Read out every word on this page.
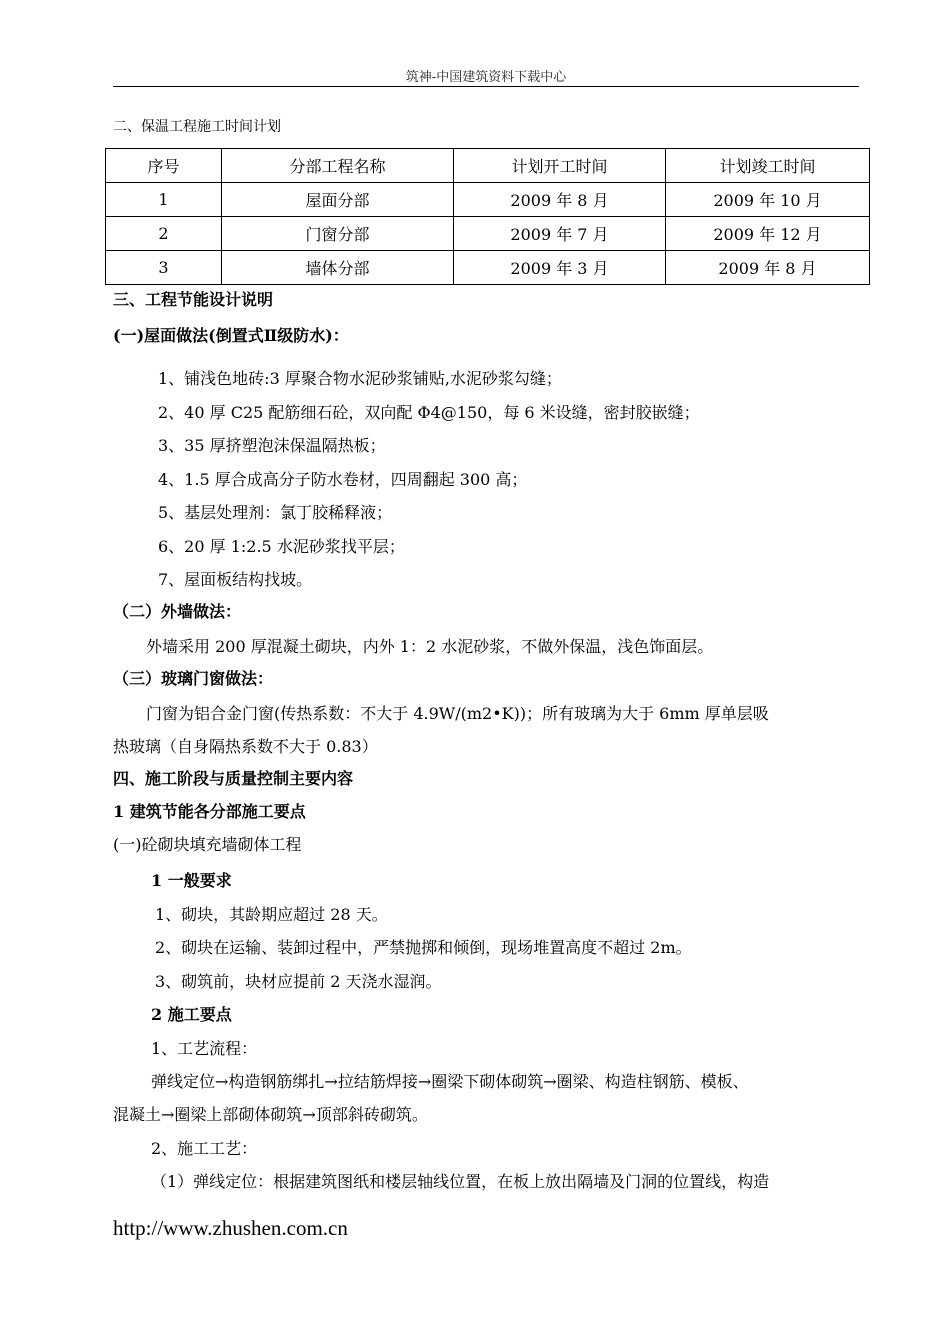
筑神-中国建筑资料下载中心
二、保温工程施工时间计划
序号	分部工程名称	计划开工时间	计划竣工时间
1	屋面分部	2009 年 8 月	2009 年 10 月
2	门窗分部	2009 年 7 月	2009 年 12 月
3	墙体分部	2009 年 3 月	2009 年 8 月
三、工程节能设计说明
(一)屋面做法(倒置式Ⅱ级防水)：
1、铺浅色地砖:3 厚聚合物水泥砂浆铺贴,水泥砂浆勾缝；
2、40 厚 C25 配筋细石砼，双向配 Φ4@150，每 6 米设缝，密封胶嵌缝；
3、35 厚挤塑泡沫保温隔热板；
4、1.5 厚合成高分子防水卷材，四周翻起 300 高；
5、基层处理剂：氯丁胶稀释液；
6、20 厚 1:2.5 水泥砂浆找平层；
7、屋面板结构找坡。
（二）外墙做法：
外墙采用 200 厚混凝土砌块，内外 1：2 水泥砂浆，不做外保温，浅色饰面层。
（三）玻璃门窗做法：
门窗为铝合金门窗(传热系数：不大于 4.9W/(m2•K))；所有玻璃为大于 6mm 厚单层吸
热玻璃（自身隔热系数不大于 0.83）
四、施工阶段与质量控制主要内容
1 建筑节能各分部施工要点
(一)砼砌块填充墙砌体工程
1 一般要求
1、砌块，其龄期应超过 28 天。
2、砌块在运输、装卸过程中，严禁抛掷和倾倒，现场堆置高度不超过 2m。
3、砌筑前，块材应提前 2 天浇水湿润。
2 施工要点
1、工艺流程：
弹线定位→构造钢筋绑扎→拉结筋焊接→圈梁下砌体砌筑→圈梁、构造柱钢筋、模板、
混凝土→圈梁上部砌体砌筑→顶部斜砖砌筑。
2、施工工艺：
（1）弹线定位：根据建筑图纸和楼层轴线位置，在板上放出隔墙及门洞的位置线，构造
http://www.zhushen.com.cn
